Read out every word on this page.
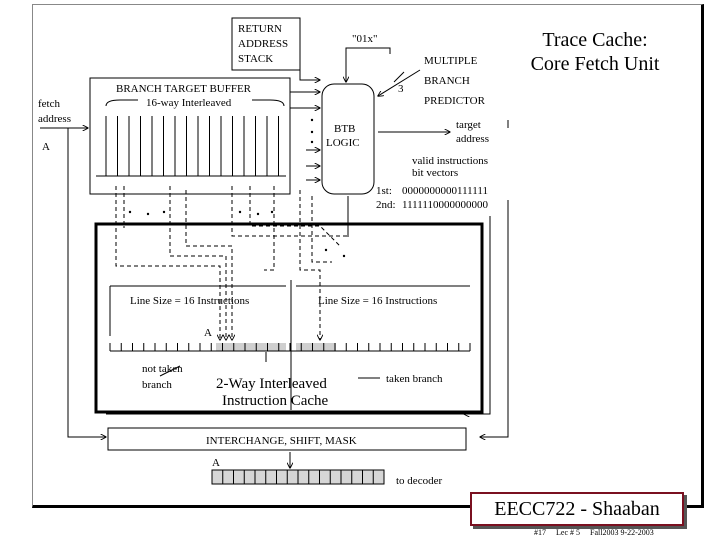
RETURN
ADDRESS
STACK
BRANCH TARGET BUFFER
16-way Interleaved
fetch
address
A
BTB
LOGIC
"01x"
3
MULTIPLE
BRANCH
PREDICTOR
target
address
valid instructions
bit vectors
1st: 0000000000111111
2nd: 1111110000000000
Line Size = 16 Instructions	Line Size = 16 Instructions
A
not taken
branch	taken branch
2-Way Interleaved
Instruction Cache
INTERCHANGE, SHIFT, MASK
A
to decoder
Trace Cache:
Core Fetch Unit
EECC722 - Shaaban
#17 Lec # 5 Fall2003 9-22-2003
